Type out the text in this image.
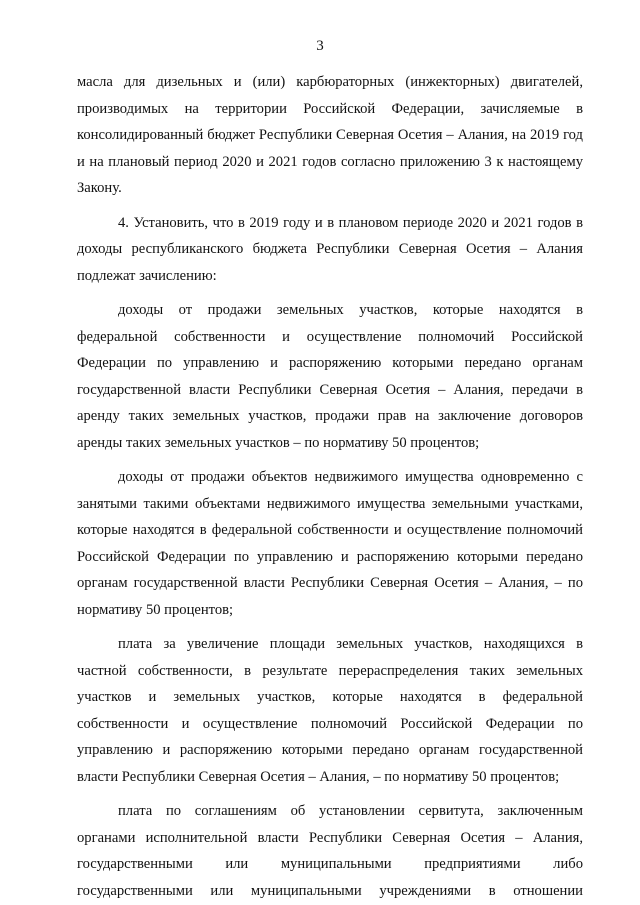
3

масла для дизельных и (или) карбюраторных (инжекторных) двигателей, производимых на территории Российской Федерации, зачисляемые в консолидированный бюджет Республики Северная Осетия – Алания, на 2019 год и на плановый период 2020 и 2021 годов согласно приложению 3 к настоящему Закону.

4. Установить, что в 2019 году и в плановом периоде 2020 и 2021 годов в доходы республиканского бюджета Республики Северная Осетия – Алания подлежат зачислению:

доходы от продажи земельных участков, которые находятся в федеральной собственности и осуществление полномочий Российской Федерации по управлению и распоряжению которыми передано органам государственной власти Республики Северная Осетия – Алания, передачи в аренду таких земельных участков, продажи прав на заключение договоров аренды таких земельных участков – по нормативу 50 процентов;

доходы от продажи объектов недвижимого имущества одновременно с занятыми такими объектами недвижимого имущества земельными участками, которые находятся в федеральной собственности и осуществление полномочий Российской Федерации по управлению и распоряжению которыми передано органам государственной власти Республики Северная Осетия – Алания, – по нормативу 50 процентов;

плата за увеличение площади земельных участков, находящихся в частной собственности, в результате перераспределения таких земельных участков и земельных участков, которые находятся в федеральной собственности и осуществление полномочий Российской Федерации по управлению и распоряжению которыми передано органам государственной власти Республики Северная Осетия – Алания, – по нормативу 50 процентов;

плата по соглашениям об установлении сервитута, заключенным органами исполнительной власти Республики Северная Осетия – Алания, государственными или муниципальными предприятиями либо государственными или муниципальными учреждениями в отношении
